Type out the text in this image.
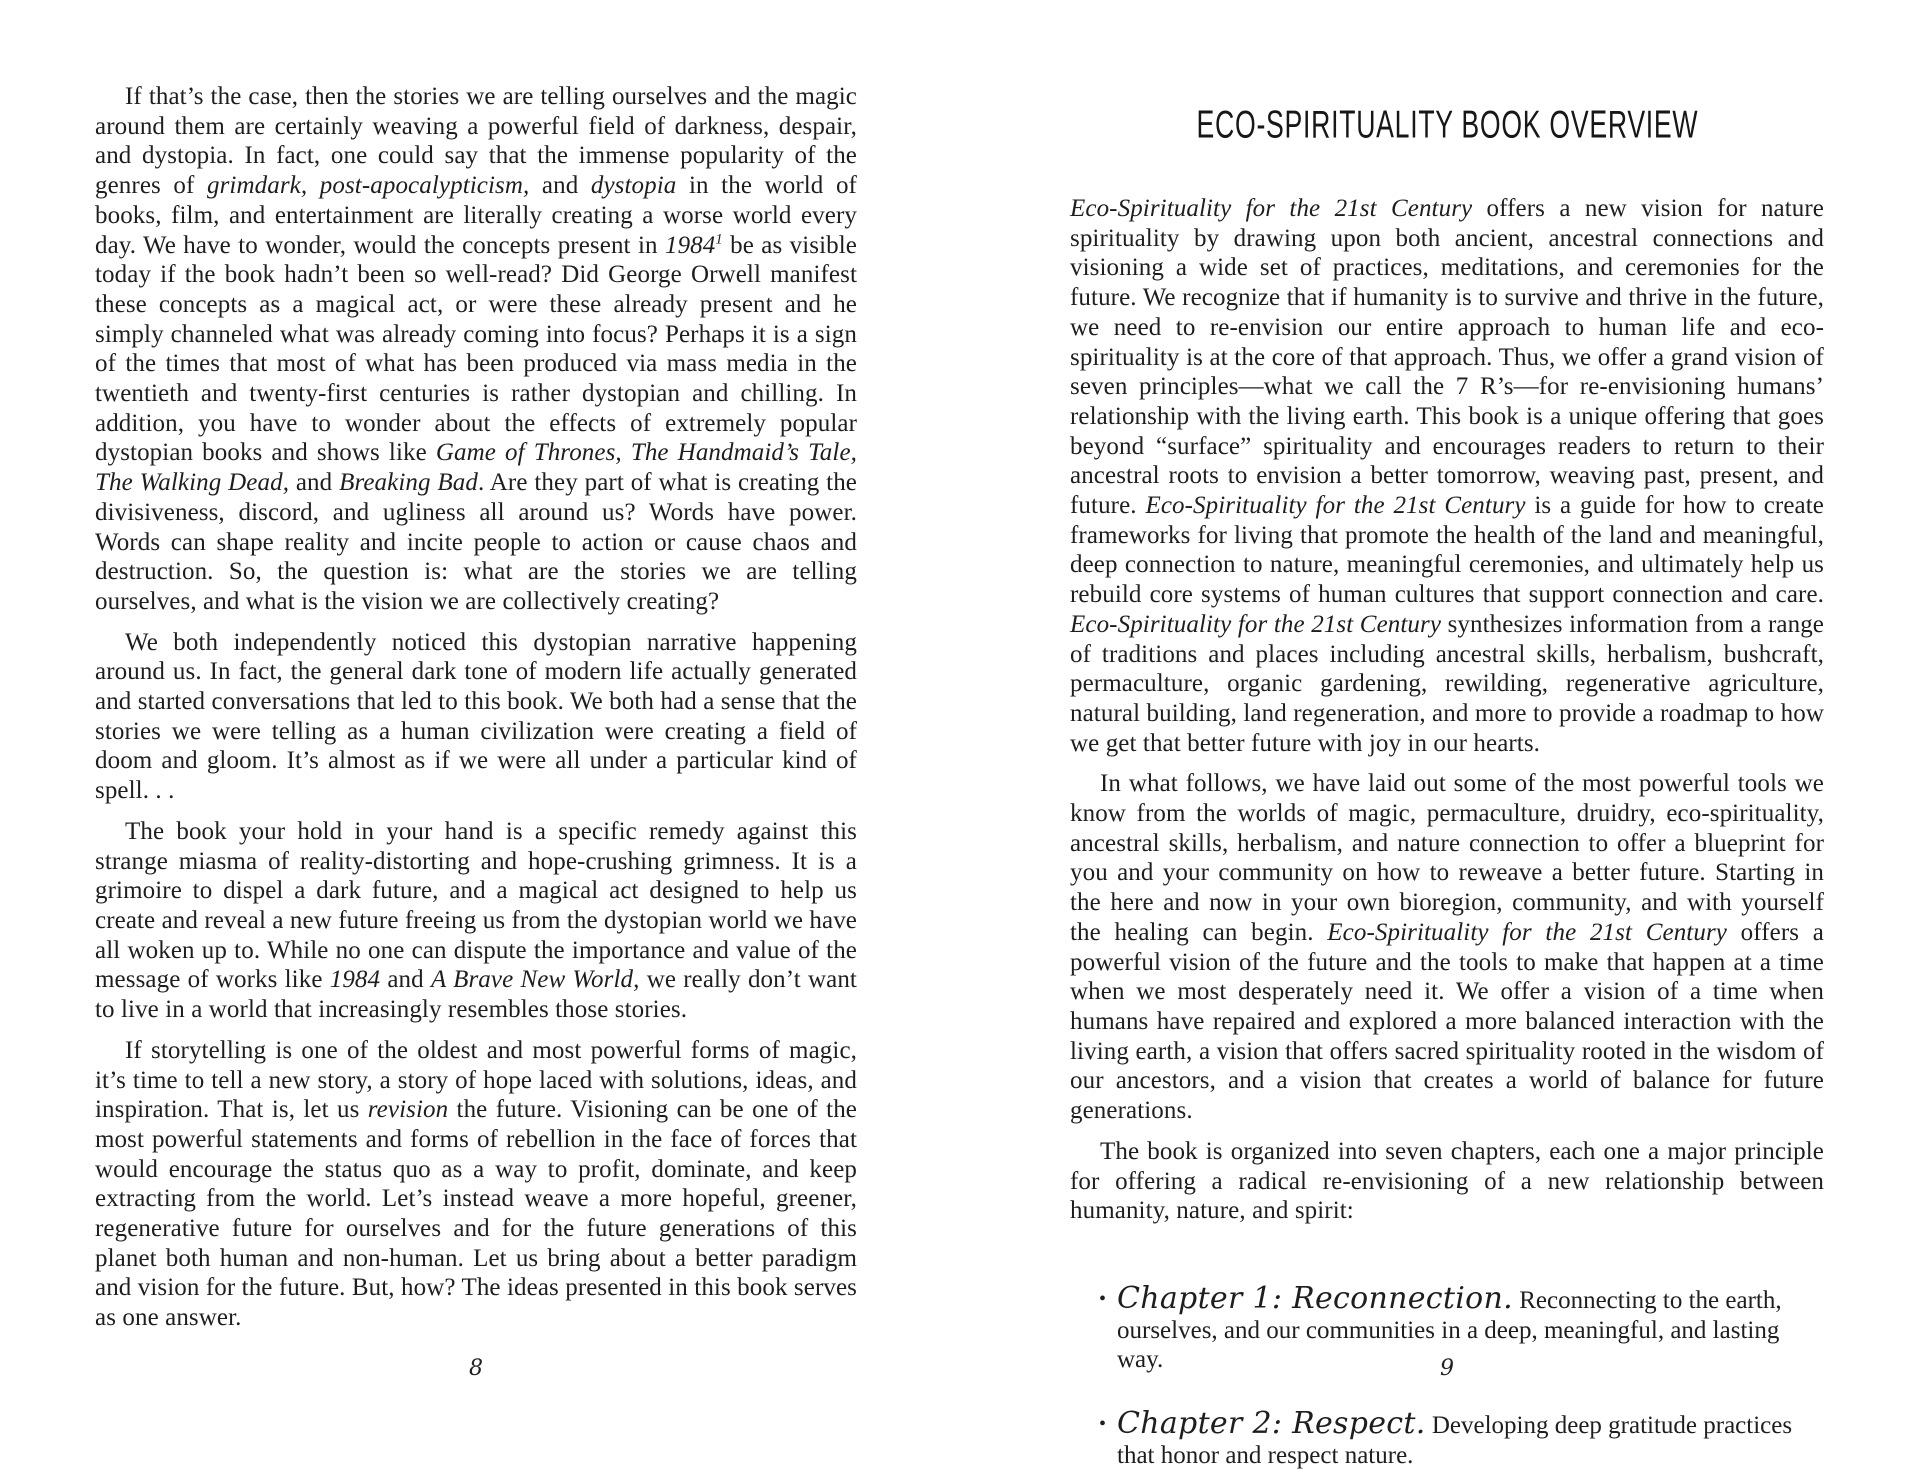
If that’s the case, then the stories we are telling ourselves and the magic around them are certainly weaving a powerful field of darkness, despair, and dystopia. In fact, one could say that the immense popularity of the genres of grimdark, post-apocalypticism, and dystopia in the world of books, film, and entertainment are literally creating a worse world every day. We have to wonder, would the concepts present in 1984$^1$ be as visible today if the book hadn’t been so well-read? Did George Orwell manifest these concepts as a magical act, or were these already present and he simply channeled what was already coming into focus? Perhaps it is a sign of the times that most of what has been produced via mass media in the twentieth and twenty-first centuries is rather dystopian and chilling. In addition, you have to wonder about the effects of extremely popular dystopian books and shows like Game of Thrones, The Handmaid’s Tale, The Walking Dead, and Breaking Bad. Are they part of what is creating the divisiveness, discord, and ugliness all around us? Words have power. Words can shape reality and incite people to action or cause chaos and destruction. So, the question is: what are the stories we are telling ourselves, and what is the vision we are collectively creating?

We both independently noticed this dystopian narrative happening around us. In fact, the general dark tone of modern life actually generated and started conversations that led to this book. We both had a sense that the stories we were telling as a human civilization were creating a field of doom and gloom. It’s almost as if we were all under a particular kind of spell. . .

The book your hold in your hand is a specific remedy against this strange miasma of reality-distorting and hope-crushing grimness. It is a grimoire to dispel a dark future, and a magical act designed to help us create and reveal a new future freeing us from the dystopian world we have all woken up to. While no one can dispute the importance and value of the message of works like 1984 and A Brave New World, we really don’t want to live in a world that increasingly resembles those stories.

If storytelling is one of the oldest and most powerful forms of magic, it’s time to tell a new story, a story of hope laced with solutions, ideas, and inspiration. That is, let us revision the future. Visioning can be one of the most powerful statements and forms of rebellion in the face of forces that would encourage the status quo as a way to profit, dominate, and keep extracting from the world. Let’s instead weave a more hopeful, greener, regenerative future for ourselves and for the future generations of this planet both human and non-human. Let us bring about a better paradigm and vision for the future. But, how? The ideas presented in this book serves as one answer.

8
ECO-SPIRITUALITY BOOK OVERVIEW

Eco-Spirituality for the 21st Century offers a new vision for nature spirituality by drawing upon both ancient, ancestral connections and visioning a wide set of practices, meditations, and ceremonies for the future. We recognize that if humanity is to survive and thrive in the future, we need to re-envision our entire approach to human life and eco-spirituality is at the core of that approach. Thus, we offer a grand vision of seven principles—what we call the 7 R’s—for re-envisioning humans’ relationship with the living earth. This book is a unique offering that goes beyond “surface” spirituality and encourages readers to return to their ancestral roots to envision a better tomorrow, weaving past, present, and future. Eco-Spirituality for the 21st Century is a guide for how to create frameworks for living that promote the health of the land and meaningful, deep connection to nature, meaningful ceremonies, and ultimately help us rebuild core systems of human cultures that support connection and care. Eco-Spirituality for the 21st Century synthesizes information from a range of traditions and places including ancestral skills, herbalism, bushcraft, permaculture, organic gardening, rewilding, regenerative agriculture, natural building, land regeneration, and more to provide a roadmap to how we get that better future with joy in our hearts.

In what follows, we have laid out some of the most powerful tools we know from the worlds of magic, permaculture, druidry, eco-spirituality, ancestral skills, herbalism, and nature connection to offer a blueprint for you and your community on how to reweave a better future. Starting in the here and now in your own bioregion, community, and with yourself the healing can begin. Eco-Spirituality for the 21st Century offers a powerful vision of the future and the tools to make that happen at a time when we most desperately need it. We offer a vision of a time when humans have repaired and explored a more balanced interaction with the living earth, a vision that offers sacred spirituality rooted in the wisdom of our ancestors, and a vision that creates a world of balance for future generations.

The book is organized into seven chapters, each one a major principle for offering a radical re-envisioning of a new relationship between humanity, nature, and spirit:

• Chapter 1: Reconnection. Reconnecting to the earth, ourselves, and our communities in a deep, meaningful, and lasting way.
• Chapter 2: Respect. Developing deep gratitude practices that honor and respect nature.
9
